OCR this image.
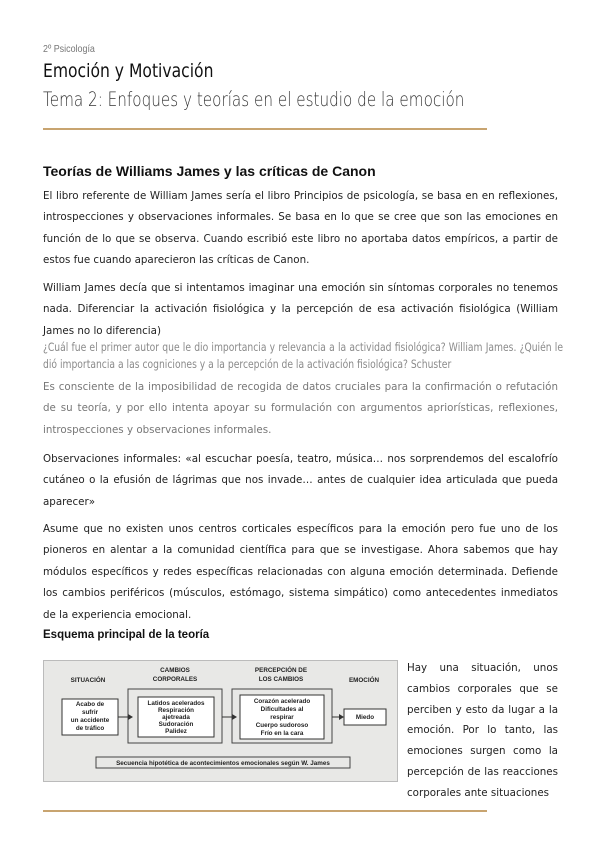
2º Psicología
Emoción y Motivación
Tema 2: Enfoques y teorías en el estudio de la emoción
Teorías de Williams James y las críticas de Canon
El libro referente de William James sería el libro Principios de psicología, se basa en en reflexiones, introspecciones y observaciones informales. Se basa en lo que se cree que son las emociones en función de lo que se observa. Cuando escribió este libro no aportaba datos empíricos, a partir de estos fue cuando aparecieron las críticas de Canon.
William James decía que si intentamos imaginar una emoción sin síntomas corporales no tenemos nada. Diferenciar la activación fisiológica y la percepción de esa activación fisiológica (William James no lo diferencia)
¿Cuál fue el primer autor que le dio importancia y relevancia a la actividad fisiológica? William James. ¿Quién le dió importancia a las cogniciones y a la percepción de la activación fisiológica? Schuster
Es consciente de la imposibilidad de recogida de datos cruciales para la confirmación o refutación de su teoría, y por ello intenta apoyar su formulación con argumentos apriorísticas, reflexiones, introspecciones y observaciones informales.
Observaciones informales: «al escuchar poesía, teatro, música… nos sorprendemos del escalofrío cutáneo o la efusión de lágrimas que nos invade… antes de cualquier idea articulada que pueda aparecer»
Asume que no existen unos centros corticales específicos para la emoción pero fue uno de los pioneros en alentar a la comunidad científica para que se investigase. Ahora sabemos que hay módulos específicos y redes específicas relacionadas con alguna emoción determinada. Defiende los cambios periféricos (músculos, estómago, sistema simpático) como antecedentes inmediatos de la experiencia emocional.
Esquema principal de la teoría
SITUACIÓN
CAMBIOS
CORPORALES
PERCEPCIÓN DE
LOS CAMBIOS	EMOCIÓN
Acabo de
sufrir
un accidente
de tráfico
Latidos acelerados
Respiración
ajetreada
Sudoración
Palidez
Corazón acelerado
Dificultades al
respirar
Cuerpo sudoroso
Frío en la cara
Miedo
Secuencia hipotética de acontecimientos emocionales según W. James
Hay una situación, unos cambios corporales que se perciben y esto da lugar a la emoción. Por lo tanto, las emociones surgen como la percepción de las reacciones corporales ante situaciones
